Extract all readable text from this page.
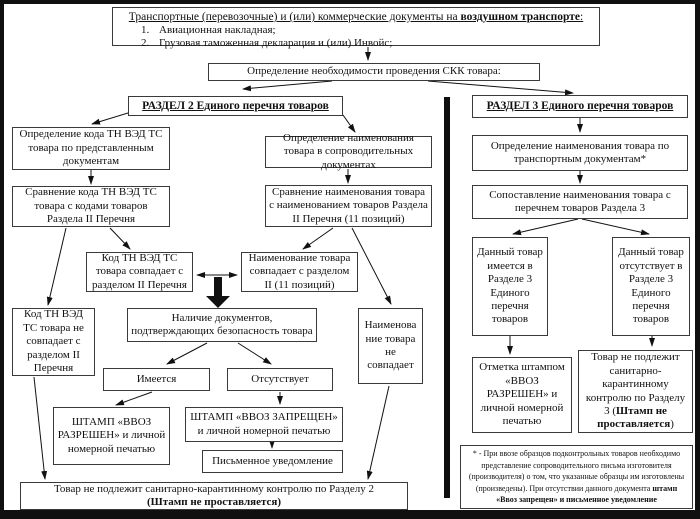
Транспортные (перевозочные) и (или) коммерческие документы на воздушном транспорте:
1. Авиационная накладная;
2. Грузовая таможенная декларация и (или) Инвойс;
Определение необходимости проведения СКК товара:
РАЗДЕЛ 2 Единого перечня товаров
Определение кода ТН ВЭД ТС товара по представленным документам
Определение наименования товара в сопроводительных документах
Сравнение кода ТН ВЭД ТС товара с кодами товаров Раздела II Перечня
Сравнение наименования товара с наименованием товаров Раздела II Перечня (11 позиций)
Код ТН ВЭД ТС товара совпадает с разделом II Перечня
Наименование товара совпадает с разделом II (11 позиций)
Код ТН ВЭД ТС товара не совпадает с разделом II Перечня
Наличие документов, подтверждающих безопасность товара	Наименова ние товара не совпадает
Имеется	Отсутствует
ШТАМП «ВВОЗ РАЗРЕШЕН» и личной номерной печатью
ШТАМП «ВВОЗ ЗАПРЕЩЕН» и личной номерной печатью
Письменное уведомление
Товар не подлежит санитарно-карантинному контролю по Разделу 2
(Штамп не проставляется)
РАЗДЕЛ 3 Единого перечня товаров
Определение наименования товара по транспортным документам*
Сопоставление наименования товара с перечнем товаров Раздела 3
Данный товар имеется в Разделе 3 Единого перечня товаров
Данный товар отсутствует в Разделе 3 Единого перечня товаров
Отметка штампом «ВВОЗ РАЗРЕШЕН» и личной номерной печатью
Товар не подлежит санитарно-карантинному контролю по Разделу 3 (Штамп не проставляется)
* - При ввозе образцов подконтрольных товаров необходимо представление сопроводительного письма изготовителя (производителя) о том, что указанные образцы им изготовлены (произведены). При отсутствии данного документа штамп «Ввоз запрещен» и письменное уведомление
